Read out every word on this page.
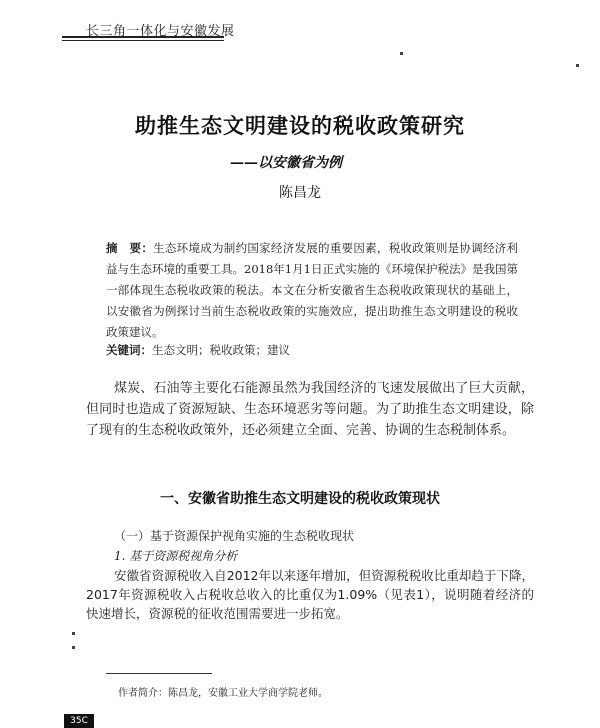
长三角一体化与安徽发展
助推生态文明建设的税收政策研究
——以安徽省为例
陈昌龙
摘　要：生态环境成为制约国家经济发展的重要因素，税收政策则是协调经济利益与生态环境的重要工具。2018年1月1日正式实施的《环境保护税法》是我国第一部体现生态税收政策的税法。本文在分析安徽省生态税收政策现状的基础上，以安徽省为例探讨当前生态税收政策的实施效应，提出助推生态文明建设的税收政策建议。
关键词：生态文明；税收政策；建议
煤炭、石油等主要化石能源虽然为我国经济的飞速发展做出了巨大贡献，但同时也造成了资源短缺、生态环境恶劣等问题。为了助推生态文明建设，除了现有的生态税收政策外，还必须建立全面、完善、协调的生态税制体系。
一、安徽省助推生态文明建设的税收政策现状
（一）基于资源保护视角实施的生态税收现状
1. 基于资源税视角分析
安徽省资源税收入自2012年以来逐年增加，但资源税税收比重却趋于下降，2017年资源税收入占税收总收入的比重仅为1.09%（见表1），说明随着经济的快速增长，资源税的征收范围需要进一步拓宽。
作者简介：陈昌龙，安徽工业大学商学院老师。
35C
